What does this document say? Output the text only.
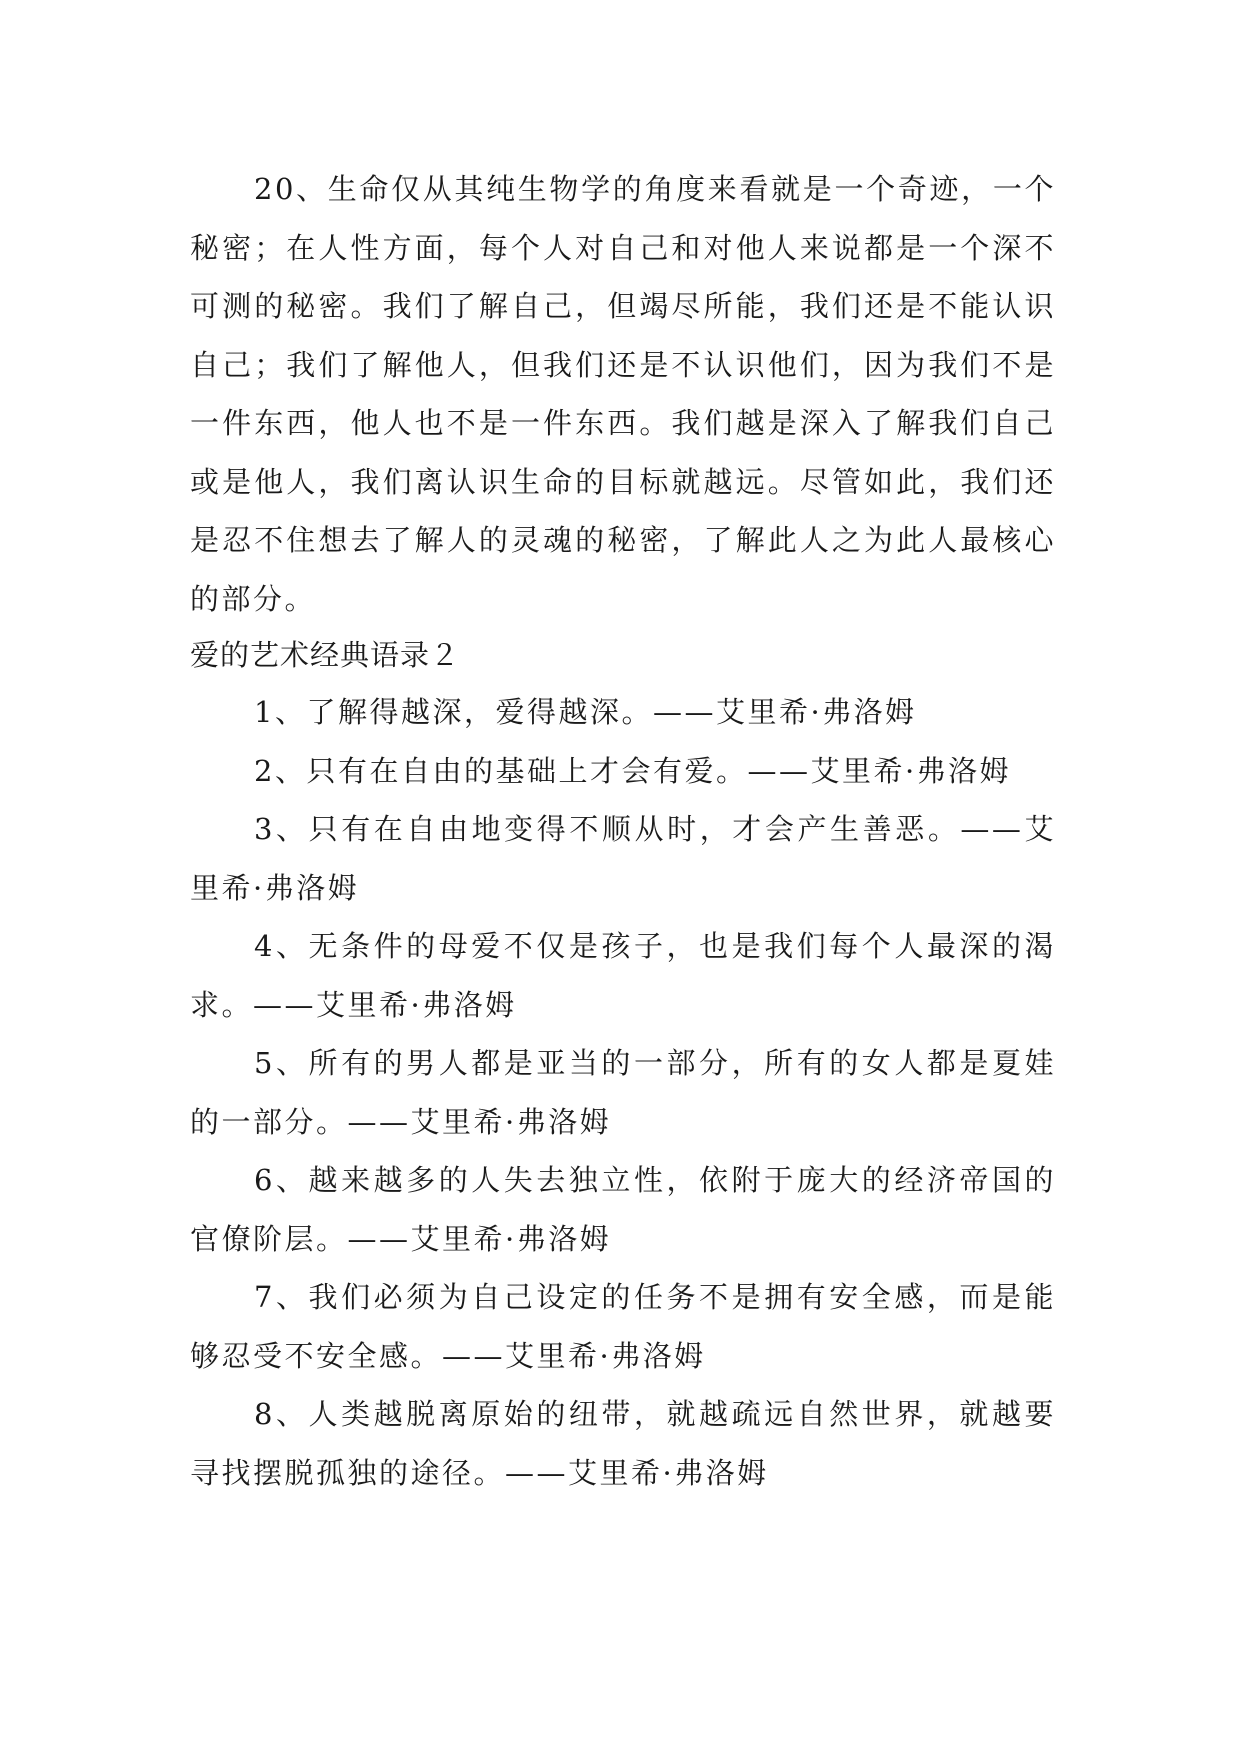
20、生命仅从其纯生物学的角度来看就是一个奇迹，一个秘密；在人性方面，每个人对自己和对他人来说都是一个深不可测的秘密。我们了解自己，但竭尽所能，我们还是不能认识自己；我们了解他人，但我们还是不认识他们，因为我们不是一件东西，他人也不是一件东西。我们越是深入了解我们自己或是他人，我们离认识生命的目标就越远。尽管如此，我们还是忍不住想去了解人的灵魂的秘密，了解此人之为此人最核心的部分。

爱的艺术经典语录２

1、了解得越深，爱得越深。——艾里希·弗洛姆

2、只有在自由的基础上才会有爱。——艾里希·弗洛姆

3、只有在自由地变得不顺从时，才会产生善恶。——艾里希·弗洛姆

4、无条件的母爱不仅是孩子，也是我们每个人最深的渴求。——艾里希·弗洛姆

5、所有的男人都是亚当的一部分，所有的女人都是夏娃的一部分。——艾里希·弗洛姆

6、越来越多的人失去独立性，依附于庞大的经济帝国的官僚阶层。——艾里希·弗洛姆

7、我们必须为自己设定的任务不是拥有安全感，而是能够忍受不安全感。——艾里希·弗洛姆

8、人类越脱离原始的纽带，就越疏远自然世界，就越要寻找摆脱孤独的途径。——艾里希·弗洛姆
